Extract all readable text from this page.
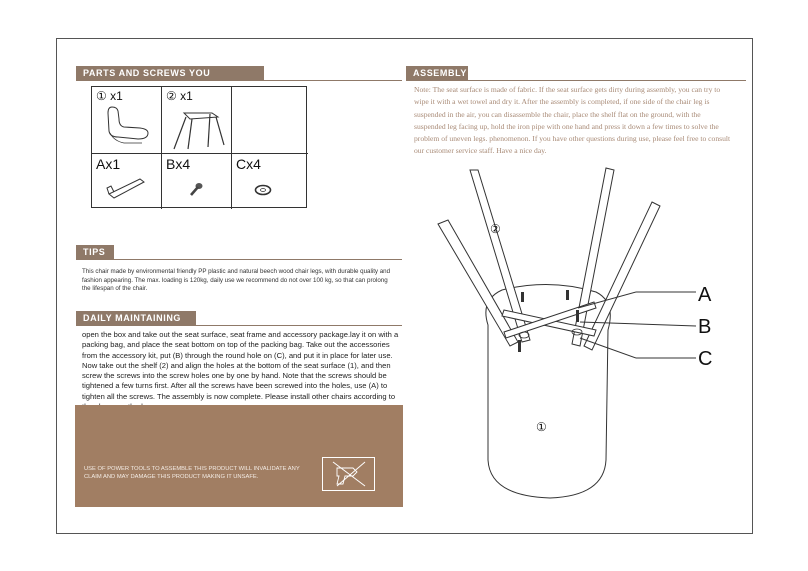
PARTS AND SCREWS YOU RECEIVED
① x1	② x1
Ax1	Bx4	Cx4
TIPS
This chair made by environmental friendly PP plastic and natural beech wood chair legs, with durable quality and fashion appearing. The max. loading is 120kg, daily use we recommend do not over 100 kg, so that can prolong the lifespan of the chair.
DAILY MAINTAINING
open the box and take out the seat surface, seat frame and accessory package.lay it on with a packing bag, and place the seat bottom on top of the packing bag. Take out the accessories from the accessory kit, put (B) through the round hole on (C), and put it in place for later use. Now take out the shelf (2) and align the holes at the bottom of the seat surface (1), and then screw the screws into the screw holes one by one by hand. Note that the screws should be tightened a few turns first. After all the screws have been screwed into the holes, use (A) to tighten all the screws. The assembly is now complete. Please install other chairs according to
USE OF POWER TOOLS TO ASSEMBLE THIS PRODUCT WILL INVALIDATE ANY CLAIM AND MAY DAMAGE THIS PRODUCT MAKING IT UNSAFE.
ASSEMBLY
Note: The seat surface is made of fabric. If the seat surface gets dirty during assembly, you can try to wipe it with a wet towel and dry it. After the assembly is completed, if one side of the chair leg is suspended in the air, you can disassemble the chair, place the shelf flat on the ground, with the suspended leg facing up, hold the iron pipe with one hand and press it down a few times to solve the problem of uneven legs. phenomenon. If you have other questions during use, please feel free to consult our customer service staff. Have a nice day.
A
B
C
②
①
